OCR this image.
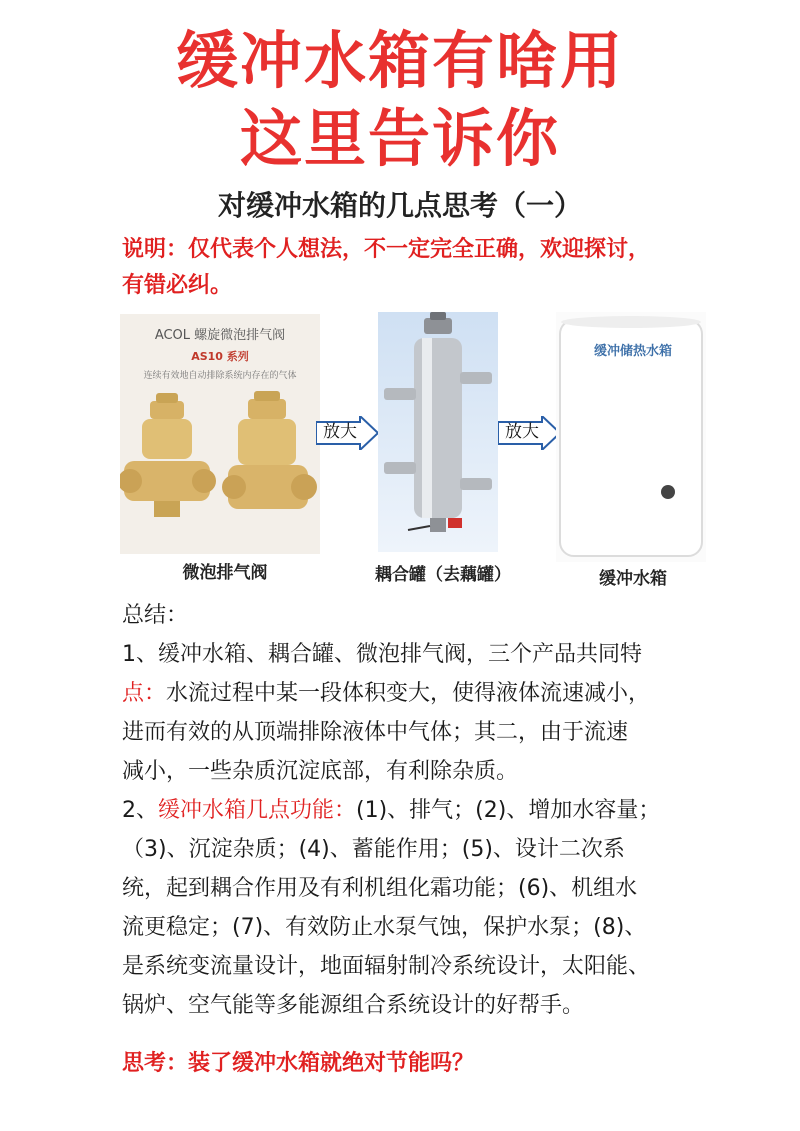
缓冲水箱有啥用
这里告诉你
对缓冲水箱的几点思考（一）
说明：仅代表个人想法，不一定完全正确，欢迎探讨，
有错必纠。
ACOL 螺旋微泡排气阀
AS10 系列
连续有效地自动排除系统内存在的气体
放大	放大
缓冲储热水箱
微泡排气阀	耦合罐（去藕罐）	缓冲水箱
总结：
1、缓冲水箱、耦合罐、微泡排气阀，三个产品共同特
点：水流过程中某一段体积变大，使得液体流速减小，
进而有效的从顶端排除液体中气体；其二，由于流速
减小，一些杂质沉淀底部，有利除杂质。
2、缓冲水箱几点功能：(1)、排气；(2)、增加水容量；
（3)、沉淀杂质；(4)、蓄能作用；(5)、设计二次系
统，起到耦合作用及有利机组化霜功能；(6)、机组水
流更稳定；(7)、有效防止水泵气蚀，保护水泵；(8)、
是系统变流量设计，地面辐射制冷系统设计，太阳能、
锅炉、空气能等多能源组合系统设计的好帮手。
思考：装了缓冲水箱就绝对节能吗？
